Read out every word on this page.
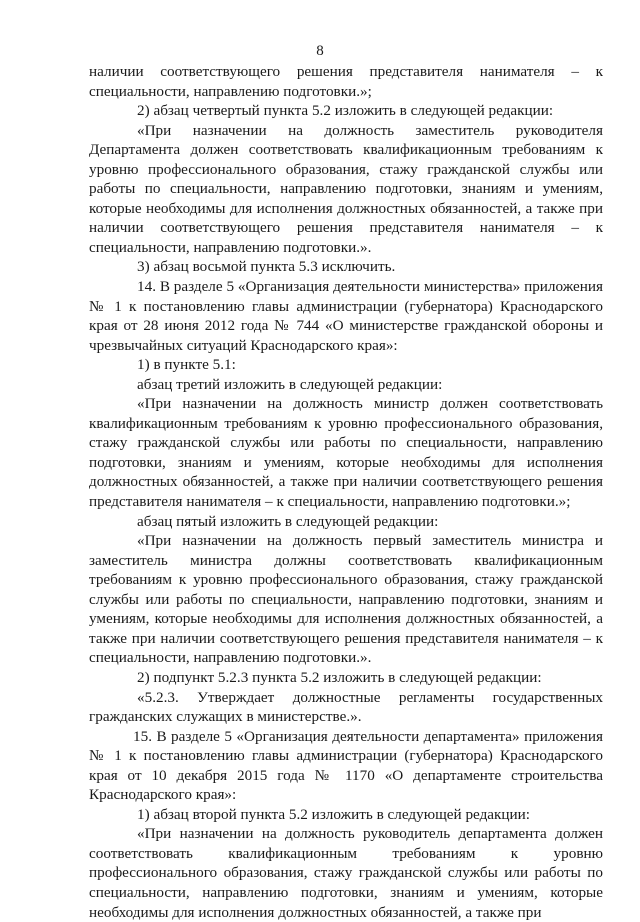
8

наличии соответствующего решения представителя нанимателя – к специальности, направлению подготовки.»;

2) абзац четвертый пункта 5.2 изложить в следующей редакции:

«При назначении на должность заместитель руководителя Департамента должен соответствовать квалификационным требованиям к уровню профессионального образования, стажу гражданской службы или работы по специальности, направлению подготовки, знаниям и умениям, которые необходимы для исполнения должностных обязанностей, а также при наличии соответствующего решения представителя нанимателя – к специальности, направлению подготовки.».

3) абзац восьмой пункта 5.3 исключить.

14. В разделе 5 «Организация деятельности министерства» приложения № 1 к постановлению главы администрации (губернатора) Краснодарского края от 28 июня 2012 года № 744 «О министерстве гражданской обороны и чрезвычайных ситуаций Краснодарского края»:

1) в пункте 5.1:

абзац третий изложить в следующей редакции:

«При назначении на должность министр должен соответствовать квалификационным требованиям к уровню профессионального образования, стажу гражданской службы или работы по специальности, направлению подготовки, знаниям и умениям, которые необходимы для исполнения должностных обязанностей, а также при наличии соответствующего решения представителя нанимателя – к специальности, направлению подготовки.»;

абзац пятый изложить в следующей редакции:

«При назначении на должность первый заместитель министра и заместитель министра должны соответствовать квалификационным требованиям к уровню профессионального образования, стажу гражданской службы или работы по специальности, направлению подготовки, знаниям и умениям, которые необходимы для исполнения должностных обязанностей, а также при наличии соответствующего решения представителя нанимателя – к специальности, направлению подготовки.».

2) подпункт 5.2.3 пункта 5.2 изложить в следующей редакции:

«5.2.3. Утверждает должностные регламенты государственных гражданских служащих в министерстве.».

15. В разделе 5 «Организация деятельности департамента» приложения № 1 к постановлению главы администрации (губернатора) Краснодарского края от 10 декабря 2015 года № 1170 «О департаменте строительства Краснодарского края»:

1) абзац второй пункта 5.2 изложить в следующей редакции:

«При назначении на должность руководитель департамента должен соответствовать квалификационным требованиям к уровню профессионального образования, стажу гражданской службы или работы по специальности, направлению подготовки, знаниям и умениям, которые необходимы для исполнения должностных обязанностей, а также при
